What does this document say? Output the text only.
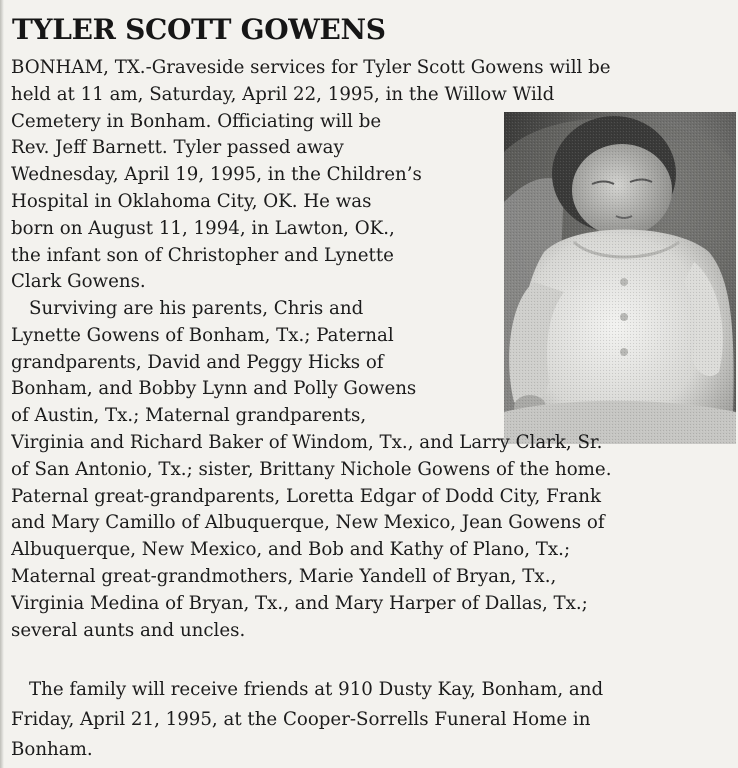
TYLER SCOTT GOWENS
BONHAM, TX.-Graveside services for Tyler Scott Gowens will be
held at 11 am, Saturday, April 22, 1995, in the Willow Wild
Cemetery in Bonham. Officiating will be
Rev. Jeff Barnett. Tyler passed away
Wednesday, April 19, 1995, in the Children’s
Hospital in Oklahoma City, OK. He was
born on August 11, 1994, in Lawton, OK.,
the infant son of Christopher and Lynette
Clark Gowens.
Surviving are his parents, Chris and
Lynette Gowens of Bonham, Tx.; Paternal
grandparents, David and Peggy Hicks of
Bonham, and Bobby Lynn and Polly Gowens
of Austin, Tx.; Maternal grandparents,
Virginia and Richard Baker of Windom, Tx., and Larry Clark, Sr.
of San Antonio, Tx.; sister, Brittany Nichole Gowens of the home.
Paternal great-grandparents, Loretta Edgar of Dodd City, Frank
and Mary Camillo of Albuquerque, New Mexico, Jean Gowens of
Albuquerque, New Mexico, and Bob and Kathy of Plano, Tx.;
Maternal great-grandmothers, Marie Yandell of Bryan, Tx.,
Virginia Medina of Bryan, Tx., and Mary Harper of Dallas, Tx.;
several aunts and uncles.
The family will receive friends at 910 Dusty Kay, Bonham, and
Friday, April 21, 1995, at the Cooper-Sorrells Funeral Home in
Bonham.
